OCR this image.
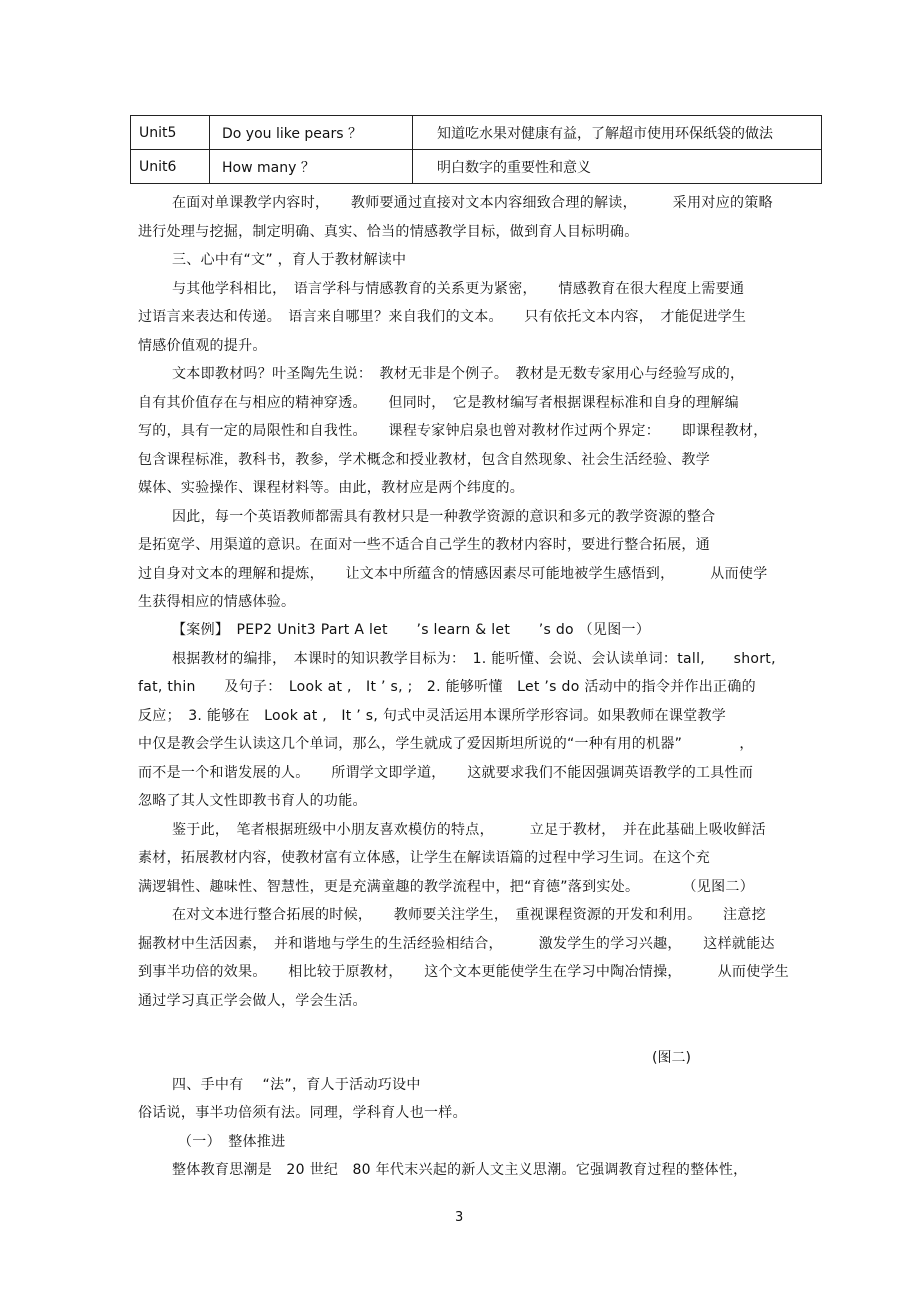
Unit5	Do you like pears ？	知道吃水果对健康有益，了解超市使用环保纸袋的做法
Unit6	How many ？	明白数字的重要性和意义
在面对单课教学内容时，　　教师要通过直接对文本内容细致合理的解读，　　　采用对应的策略
进行处理与挖掘，制定明确、真实、恰当的情感教学目标，做到育人目标明确。
三、心中有“文” ，育人于教材解读中
与其他学科相比，　语言学科与情感教育的关系更为紧密，　　情感教育在很大程度上需要通
过语言来表达和传递。　语言来自哪里？来自我们的文本。　　只有依托文本内容，　才能促进学生
情感价值观的提升。
文本即教材吗？叶圣陶先生说：　教材无非是个例子。　教材是无数专家用心与经验写成的，
自有其价值存在与相应的精神穿透。　　但同时，　它是教材编写者根据课程标准和自身的理解编
写的，具有一定的局限性和自我性。　　课程专家钟启泉也曾对教材作过两个界定：　　即课程教材，
包含课程标准，教科书，教参，学术概念和授业教材，包含自然现象、社会生活经验、教学
媒体、实验操作、课程材料等。由此，教材应是两个纬度的。
因此，每一个英语教师都需具有教材只是一种教学资源的意识和多元的教学资源的整合
是拓宽学、用渠道的意识。在面对一些不适合自己学生的教材内容时，要进行整合拓展，通
过自身对文本的理解和提炼，　　让文本中所蕴含的情感因素尽可能地被学生感悟到，　　　从而使学
生获得相应的情感体验。
【案例】　PEP2 Unit3 Part A let　　’s learn & let　　’s do （见图一）
根据教材的编排，　本课时的知识教学目标为：　1. 能听懂、会说、会认读单词：tall,　　short,
fat, thin　　及句子：　Look at ,　It ’ s, ;　2. 能够听懂　Let ’s do 活动中的指令并作出正确的
反应；　3. 能够在　Look at ,　It ’ s, 句式中灵活运用本课所学形容词。如果教师在课堂教学
中仅是教会学生认读这几个单词，那么，学生就成了爱因斯坦所说的“一种有用的机器”　　　　，
而不是一个和谐发展的人。　　所谓学文即学道，　　这就要求我们不能因强调英语教学的工具性而
忽略了其人文性即教书育人的功能。
鉴于此，　笔者根据班级中小朋友喜欢模仿的特点，　　　立足于教材，　并在此基础上吸收鲜活
素材，拓展教材内容，使教材富有立体感，让学生在解读语篇的过程中学习生词。在这个充
满逻辑性、趣味性、智慧性，更是充满童趣的教学流程中，把“育德”落到实处。　　　　（见图二）
在对文本进行整合拓展的时候，　　教师要关注学生，　重视课程资源的开发和利用。　　注意挖
掘教材中生活因素，　并和谐地与学生的生活经验相结合，　　　激发学生的学习兴趣，　　这样就能达
到事半功倍的效果。　　相比较于原教材，　　这个文本更能使学生在学习中陶冶情操，　　　从而使学生
通过学习真正学会做人，学会生活。
(图二)
四、手中有　 “法”，育人于活动巧设中
俗话说，事半功倍须有法。同理，学科育人也一样。
（一）　整体推进
整体教育思潮是　20 世纪　80 年代末兴起的新人文主义思潮。它强调教育过程的整体性，
3
